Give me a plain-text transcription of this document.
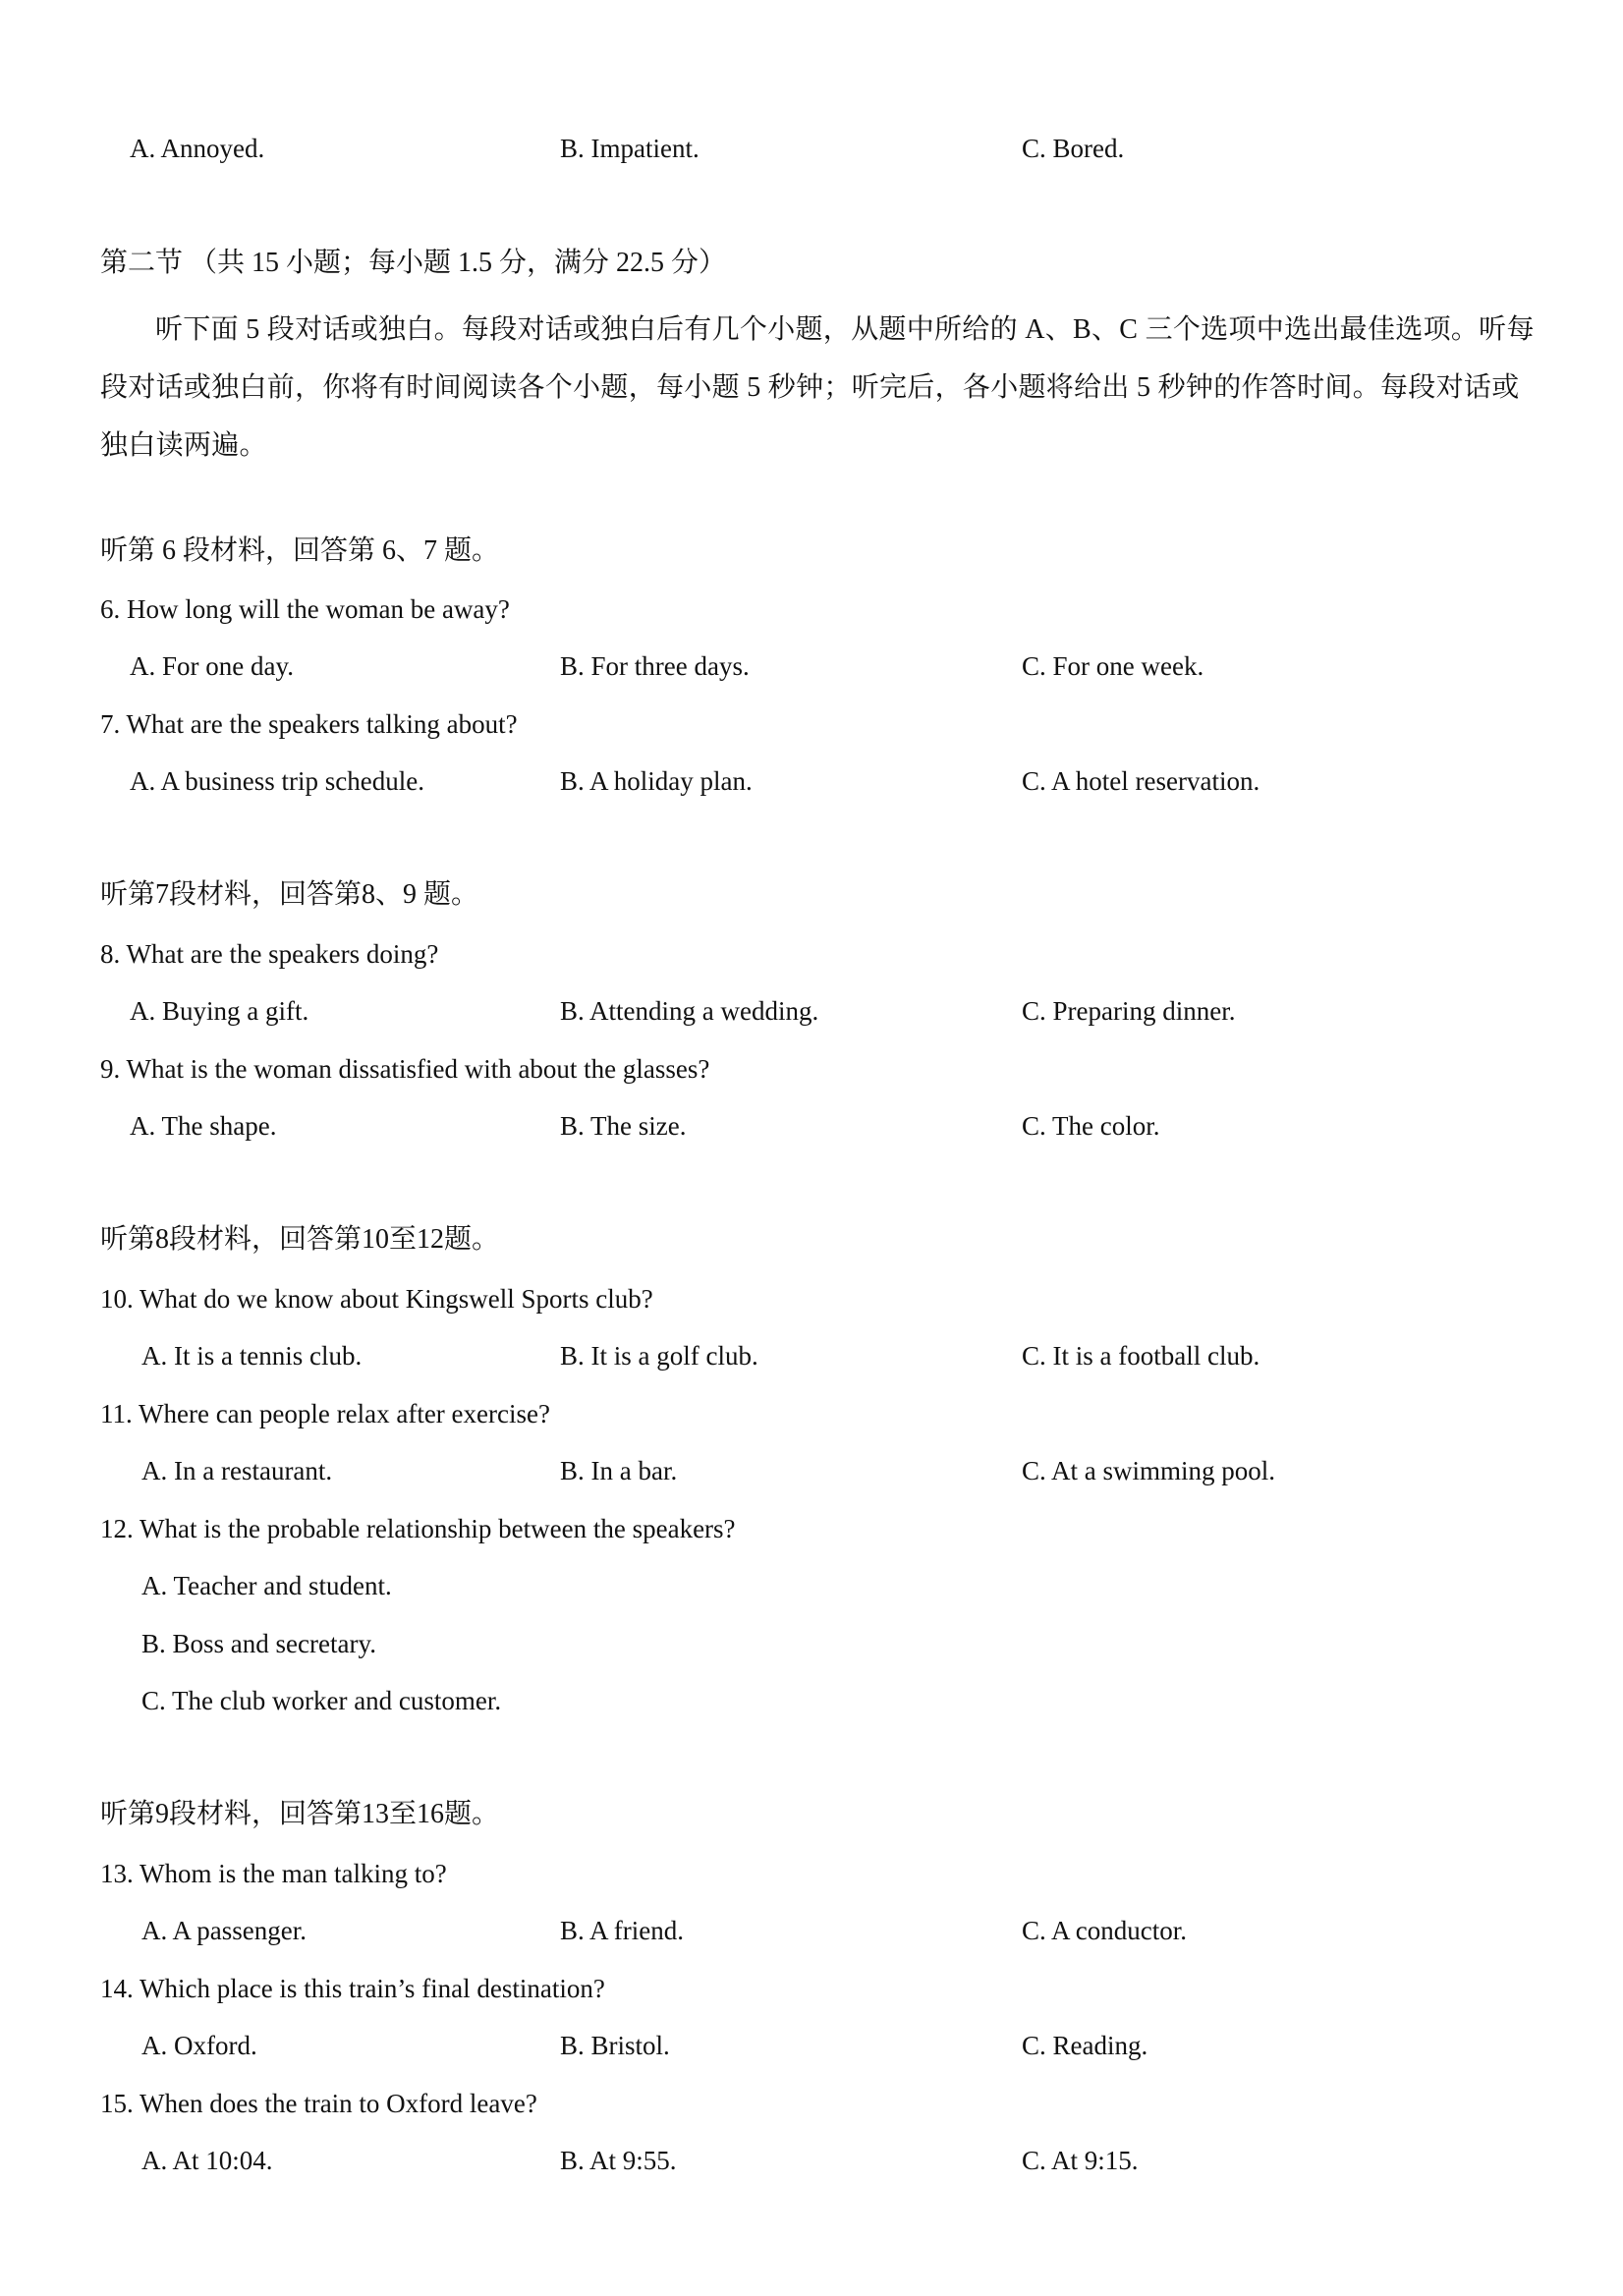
A. Annoyed.	B. Impatient.	C. Bored.
第二节 （共 15 小题；每小题 1.5 分，满分 22.5 分）
听下面 5 段对话或独白。每段对话或独白后有几个小题，从题中所给的 A、B、C 三个选项中选出最佳选项。听每段对话或独白前，你将有时间阅读各个小题，每小题 5 秒钟；听完后，各小题将给出 5 秒钟的作答时间。每段对话或独白读两遍。
听第 6 段材料，回答第 6、7 题。
6. How long will the woman be away?
A. For one day.	B. For three days.	C. For one week.
7. What are the speakers talking about?
A. A business trip schedule.	B. A holiday plan.	C. A hotel reservation.
听第7段材料，回答第8、9 题。
8. What are the speakers doing?
A. Buying a gift.	B. Attending a wedding.	C. Preparing dinner.
9. What is the woman dissatisfied with about the glasses?
A. The shape.	B. The size.	C. The color.
听第8段材料，回答第10至12题。
10. What do we know about Kingswell Sports club?
A. It is a tennis club.	B. It is a golf club.	C. It is a football club.
11. Where can people relax after exercise?
A. In a restaurant.	B. In a bar.	C. At a swimming pool.
12. What is the probable relationship between the speakers?
A. Teacher and student.
B. Boss and secretary.
C. The club worker and customer.
听第9段材料，回答第13至16题。
13. Whom is the man talking to?
A. A passenger.	B. A friend.	C. A conductor.
14. Which place is this train’s final destination?
A. Oxford.	B. Bristol.	C. Reading.
15. When does the train to Oxford leave?
A. At 10:04.	B. At 9:55.	C. At 9:15.
